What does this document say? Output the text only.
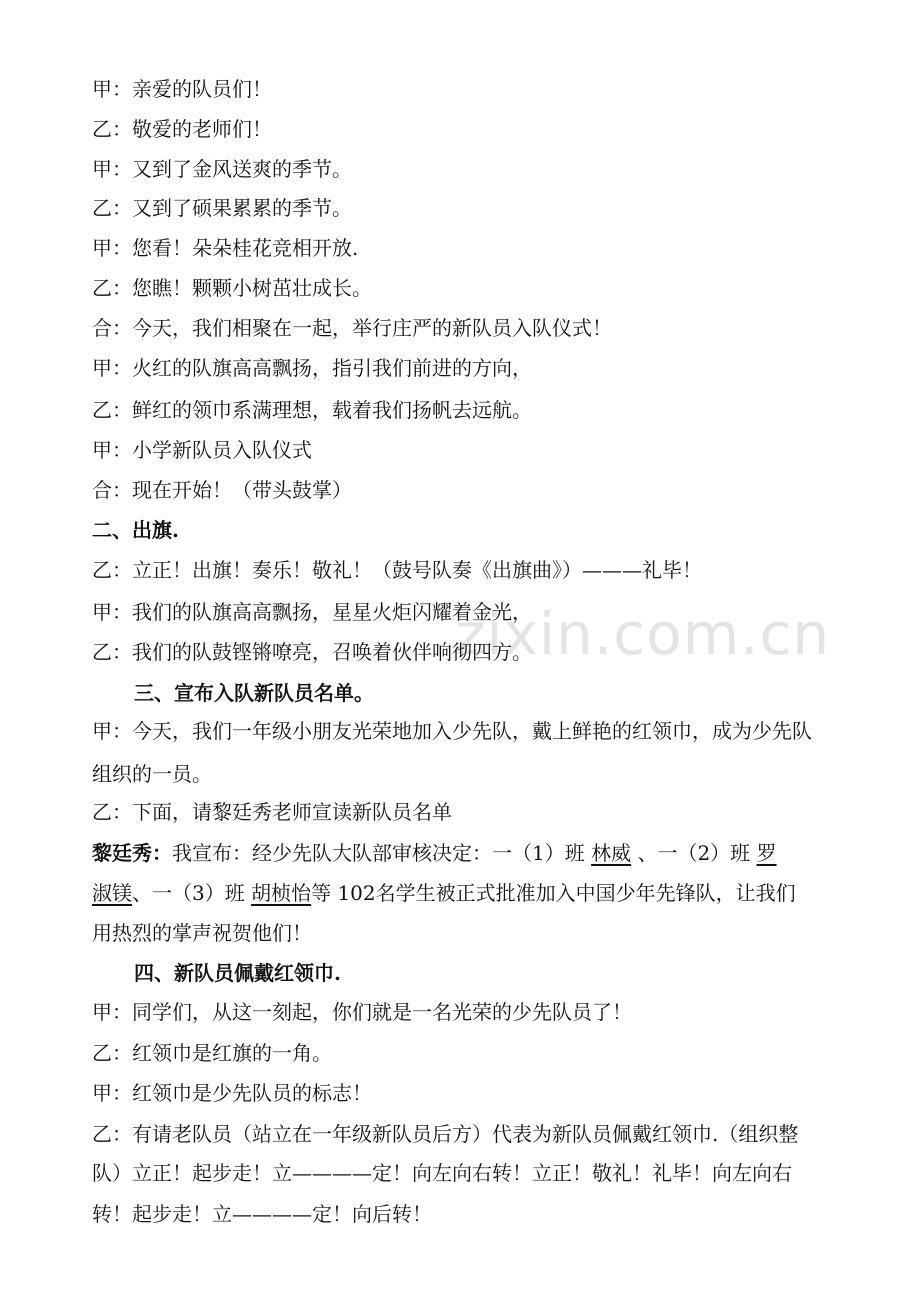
zixin.com.cn
甲：亲爱的队员们！
乙：敬爱的老师们！
甲：又到了金风送爽的季节。
乙：又到了硕果累累的季节。
甲：您看！朵朵桂花竞相开放.
乙：您瞧！颗颗小树茁壮成长。
合：今天，我们相聚在一起，举行庄严的新队员入队仪式！
甲：火红的队旗高高飘扬，指引我们前进的方向，
乙：鲜红的领巾系满理想，载着我们扬帆去远航。
甲：小学新队员入队仪式
合：现在开始！（带头鼓掌）
二、出旗.
乙：立正！出旗！奏乐！敬礼！（鼓号队奏《出旗曲》）———礼毕！
甲：我们的队旗高高飘扬，星星火炬闪耀着金光，
乙：我们的队鼓铿锵嘹亮，召唤着伙伴响彻四方。
三、宣布入队新队员名单。
甲：今天，我们一年级小朋友光荣地加入少先队，戴上鲜艳的红领巾，成为少先队
组织的一员。
乙：下面，请黎廷秀老师宣读新队员名单
黎廷秀：我宣布：经少先队大队部审核决定：一（1）班 林威 、一（2）班 罗
淑镁、一（3）班 胡桢怡等 102名学生被正式批准加入中国少年先锋队，让我们
用热烈的掌声祝贺他们！
四、新队员佩戴红领巾.
甲：同学们，从这一刻起，你们就是一名光荣的少先队员了！
乙：红领巾是红旗的一角。
甲：红领巾是少先队员的标志！
乙：有请老队员（站立在一年级新队员后方）代表为新队员佩戴红领巾.（组织整
队）立正！起步走！立————定！向左向右转！立正！敬礼！礼毕！向左向右
转！起步走！立————定！向后转！
